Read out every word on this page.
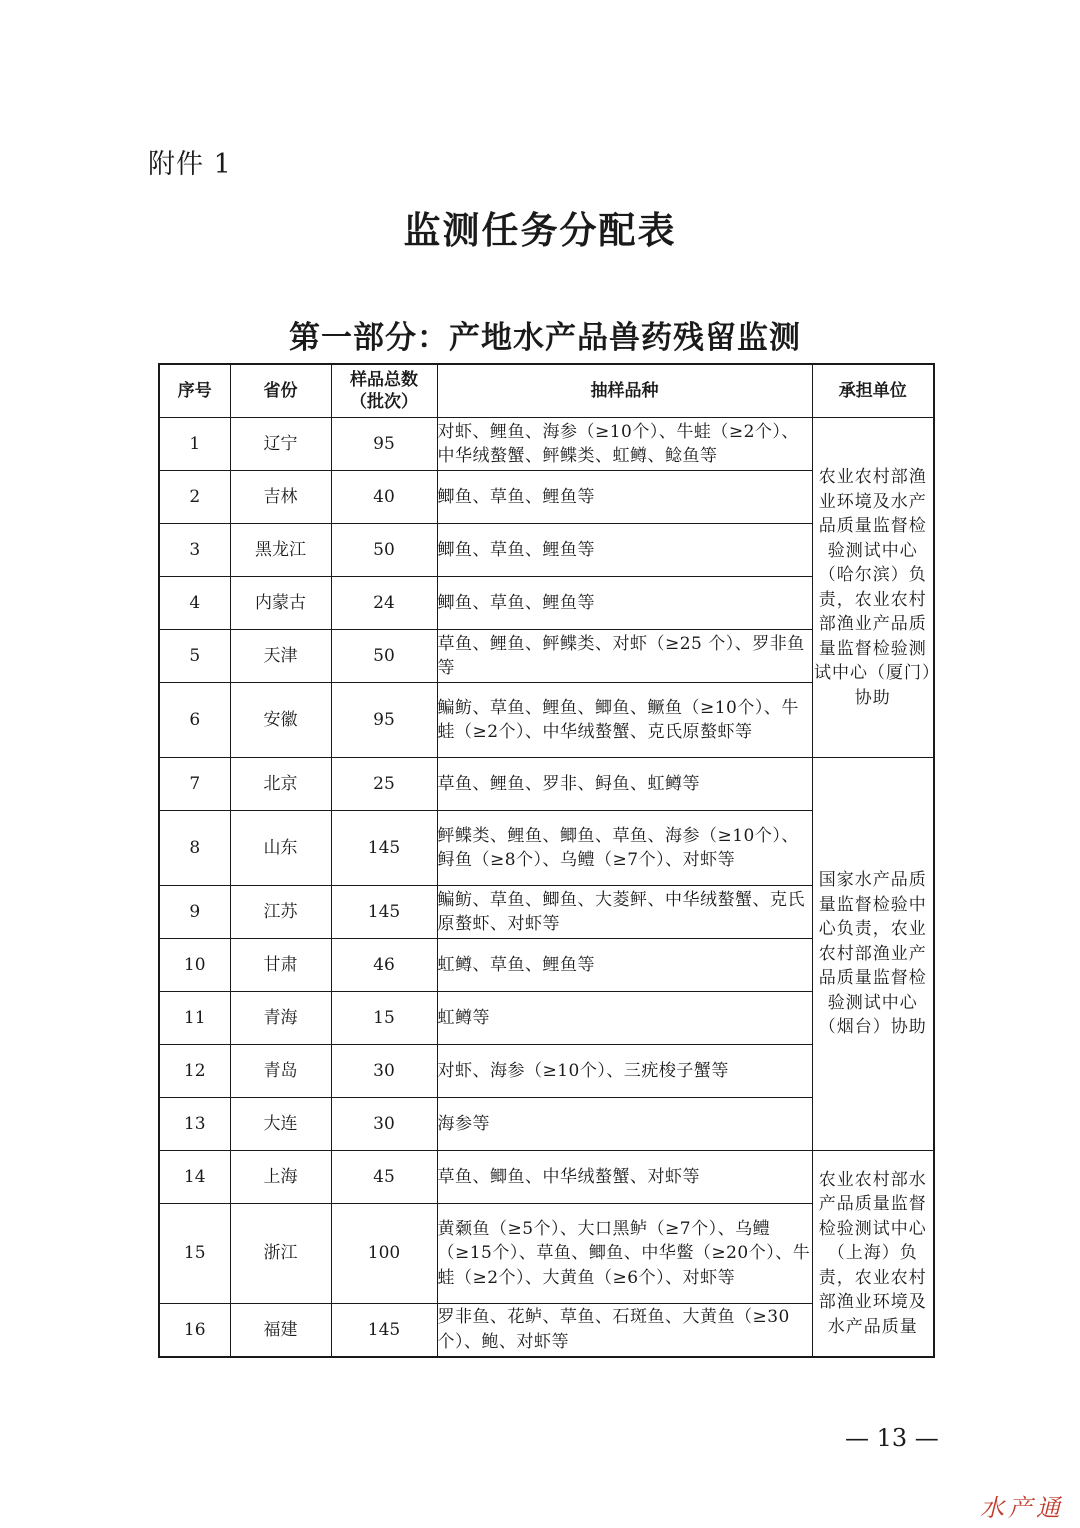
附件 1
监测任务分配表
第一部分：产地水产品兽药残留监测
序号	省份	样品总数（批次）	抽样品种	承担单位
1	辽宁	95	对虾、鲤鱼、海参（≥10个）、牛蛙（≥2个）、中华绒螯蟹、鲆鲽类、虹鳟、鲶鱼等	农业农村部渔业环境及水产品质量监督检验测试中心（哈尔滨）负责，农业农村部渔业产品质量监督检验测试中心（厦门）协助
2	吉林	40	鲫鱼、草鱼、鲤鱼等	
3	黑龙江	50	鲫鱼、草鱼、鲤鱼等	
4	内蒙古	24	鲫鱼、草鱼、鲤鱼等	
5	天津	50	草鱼、鲤鱼、鲆鲽类、对虾（≥25 个）、罗非鱼等	
6	安徽	95	鳊鲂、草鱼、鲤鱼、鲫鱼、鳜鱼（≥10个）、牛蛙（≥2个）、中华绒螯蟹、克氏原螯虾等	
7	北京	25	草鱼、鲤鱼、罗非、鲟鱼、虹鳟等	国家水产品质量监督检验中心负责，农业农村部渔业产品质量监督检验测试中心（烟台）协助
8	山东	145	鲆鲽类、鲤鱼、鲫鱼、草鱼、海参（≥10个）、鲟鱼（≥8个）、乌鳢（≥7个）、对虾等	
9	江苏	145	鳊鲂、草鱼、鲫鱼、大菱鲆、中华绒螯蟹、克氏原螯虾、对虾等	
10	甘肃	46	虹鳟、草鱼、鲤鱼等	
11	青海	15	虹鳟等	
12	青岛	30	对虾、海参（≥10个）、三疣梭子蟹等	
13	大连	30	海参等	
14	上海	45	草鱼、鲫鱼、中华绒螯蟹、对虾等	农业农村部水产品质量监督检验测试中心（上海）负责，农业农村部渔业环境及水产品质量
15	浙江	100	黄颡鱼（≥5个）、大口黑鲈（≥7个）、乌鳢（≥15个）、草鱼、鲫鱼、中华鳖（≥20个）、牛蛙（≥2个）、大黄鱼（≥6个）、对虾等	
16	福建	145	罗非鱼、花鲈、草鱼、石斑鱼、大黄鱼（≥30个）、鲍、对虾等	
— 13 —
水产通
